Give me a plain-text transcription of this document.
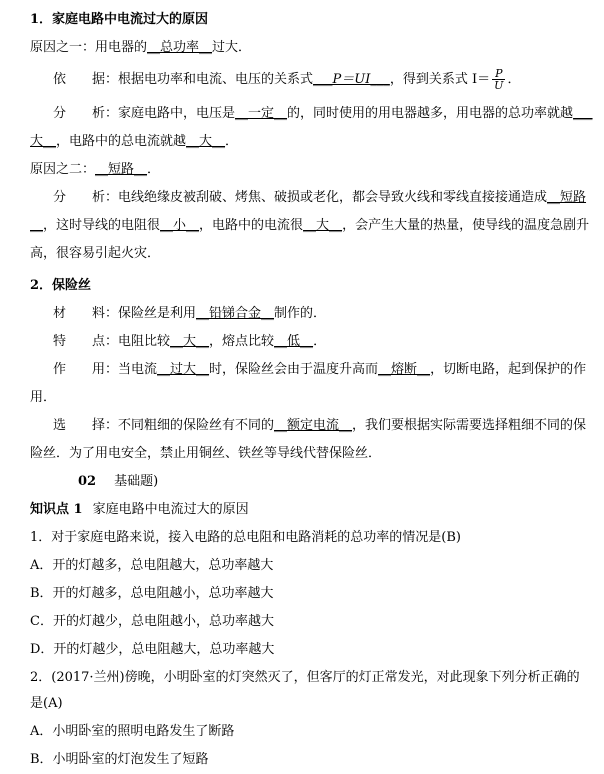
1．家庭电路中电流过大的原因
原因之一：用电器的__总功率__过大．
依　　据：根据电功率和电流、电压的关系式___P＝UI___，得到关系式 $I= \frac{P}{U}$ ．
分　　析：家庭电路中，电压是__一定__的，同时使用的用电器越多，用电器的总功率就越___
大__，电路中的总电流就越__大__．
原因之二：__短路__．
分　　析：电线绝缘皮被刮破、烤焦、破损或老化，都会导致火线和零线直接接通造成__短路
__，这时导线的电阻很__小__，电路中的电流很__大__，会产生大量的热量，使导线的温度急剧升
高，很容易引起火灾．
2．保险丝
材　　料：保险丝是利用__铅锑合金__制作的．
特　　点：电阻比较__大__，熔点比较__低__．
作　　用：当电流__过大__时，保险丝会由于温度升高而__熔断__，切断电路，起到保护的作
用．
选　　择：不同粗细的保险丝有不同的__额定电流__，我们要根据实际需要选择粗细不同的保
险丝．为了用电安全，禁止用铜丝、铁丝等导线代替保险丝．
02 基础题)
知识点 1 家庭电路中电流过大的原因
1．对于家庭电路来说，接入电路的总电阻和电路消耗的总功率的情况是(B)
A．开的灯越多，总电阻越大，总功率越大
B．开的灯越多，总电阻越小，总功率越大
C．开的灯越少，总电阻越小，总功率越大
D．开的灯越少，总电阻越大，总功率越大
2．(2017·兰州)傍晚，小明卧室的灯突然灭了，但客厅的灯正常发光，对此现象下列分析正确的
是(A)
A．小明卧室的照明电路发生了断路
B．小明卧室的灯泡发生了短路
